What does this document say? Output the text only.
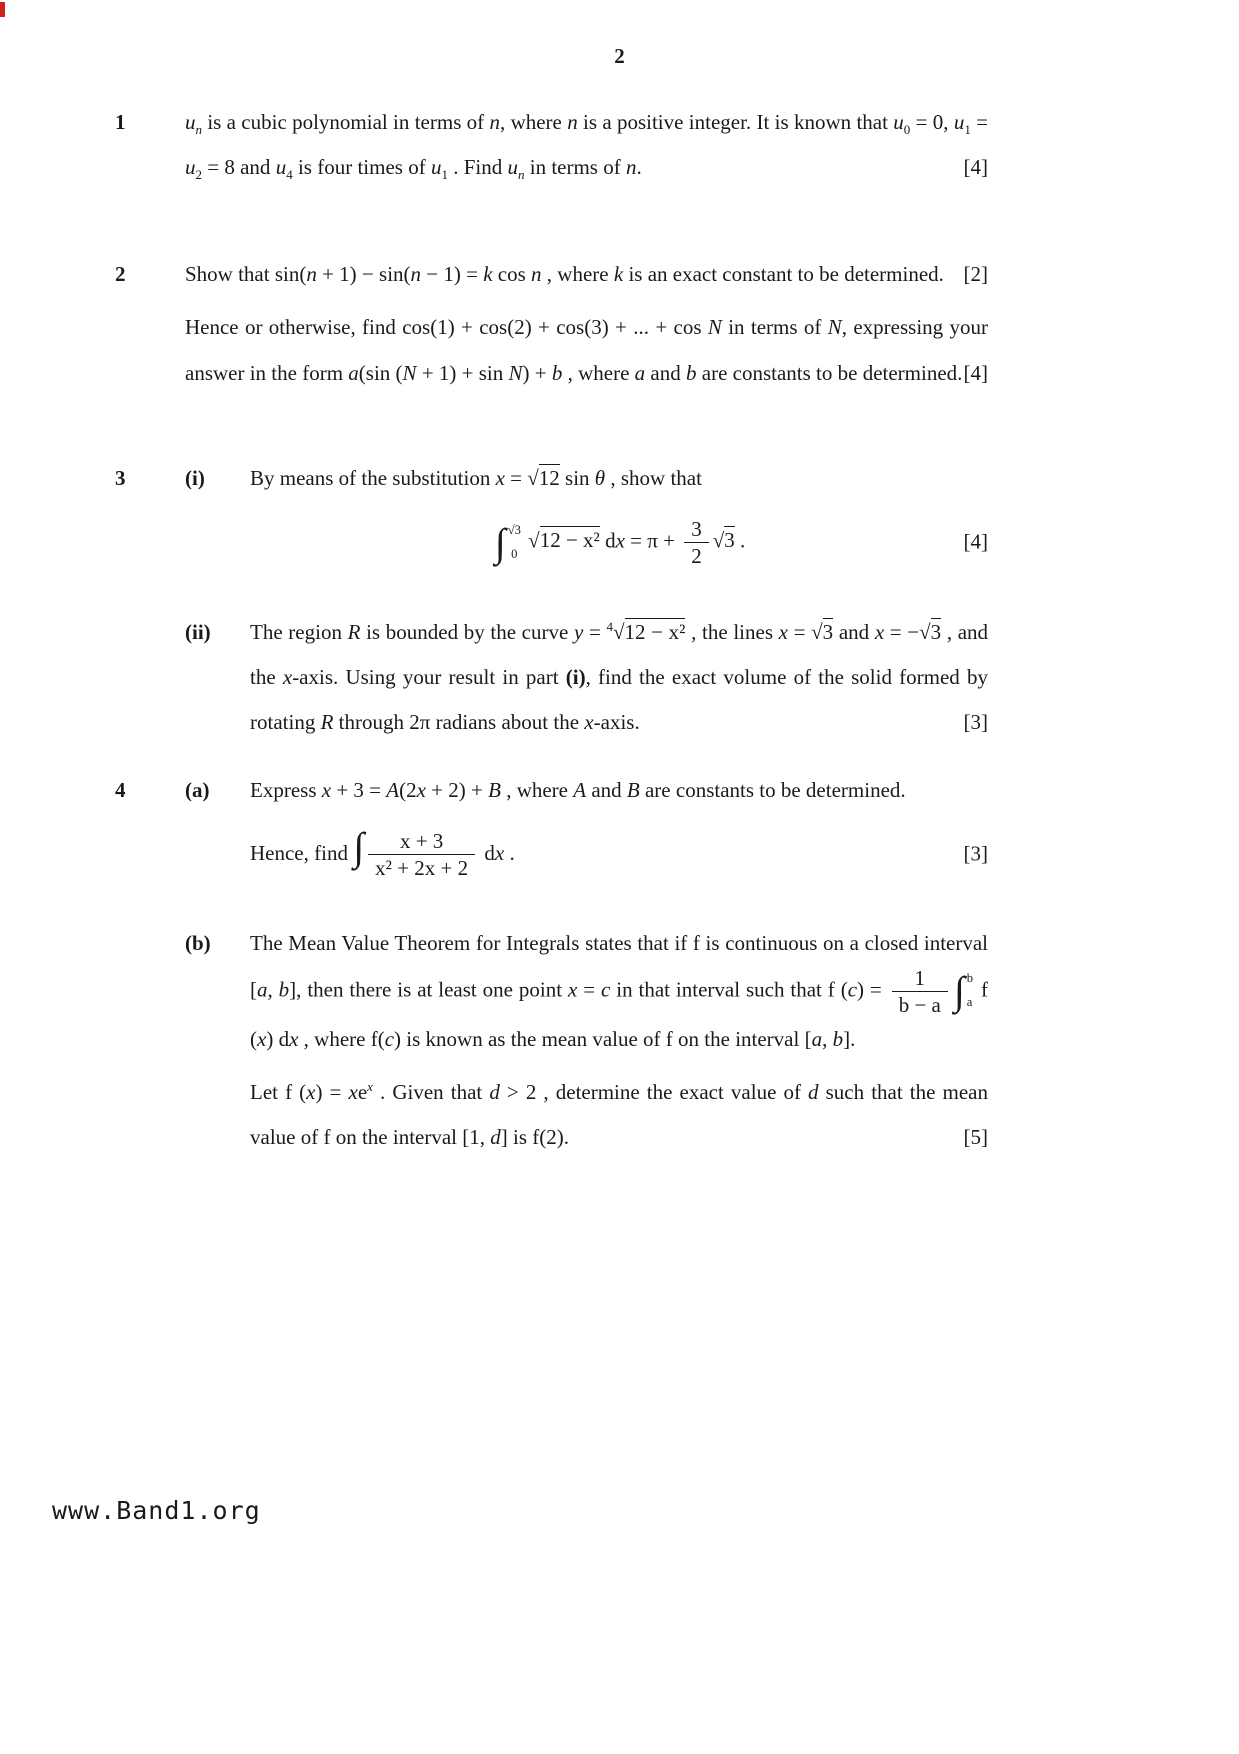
2
1

[4]
$u_n$ is a cubic polynomial in terms of n, where n is a positive integer. It is known that $u_0 = 0$, $u_1 = u_2 = 8$ and $u_4$ is four times of $u_1$ . Find $u_n$ in terms of n.

2	[2]
Show that sin(n + 1) − sin(n − 1) = k cos n , where k is an exact constant to be determined.

[4]
Hence or otherwise, find cos(1) + cos(2) + cos(3) + ... + cos N in terms of N, expressing your answer in the form a(sin (N + 1) + sin N) + b , where a and b are constants to be determined.

3	(i)	By means of the substitution x = √12 sin θ , show that

[4]
∫ √3
0
√12 − x² dx = $\pi + \frac{3}{2} √3$ .

(ii)

[3]
The region R is bounded by the curve y = $^4$√12 − x² , the lines x = √3 and x = −√3 , and the x-axis. Using your result in part (i), find the exact volume of the solid formed by rotating R through 2π radians about the x-axis.

4	(a)	Express x + 3 = A(2x + 2) + B , where A and B are constants to be determined.

[3]
Hence, find ∫ $\frac{x + 3}{\text{x² + 2x + 2}}$ dx .

(b)	The Mean Value Theorem for Integrals states that if f is continuous on a closed interval [a, b], then there is at least one point x = c in that interval such that f $(c) = \frac{1}{b - a}$ ∫ b
a
f (x) dx , where f(c) is known as the mean value of f on the interval [a, b].

[5]
Let f $(x) = xe^x$ . Given that d > 2 , determine the exact value of d such that the mean value of f on the interval [1, d] is f(2).

www.Band1.org
